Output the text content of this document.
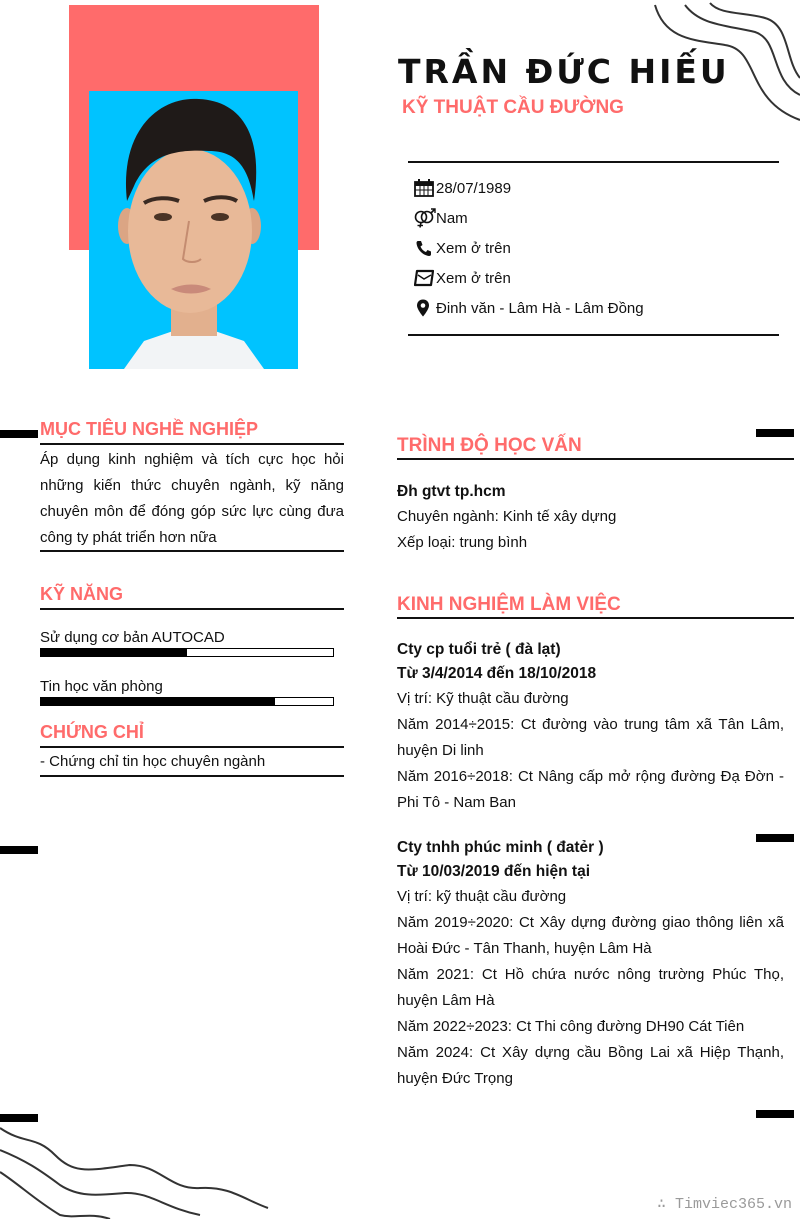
TRẦN ĐỨC HIẾU
KỸ THUẬT CẦU ĐƯỜNG
28/07/1989
Nam
Xem ở trên
Xem ở trên
Đinh văn - Lâm Hà - Lâm Đồng
MỤC TIÊU NGHỀ NGHIỆP
Áp dụng kinh nghiệm và tích cực học hỏi những kiến thức chuyên ngành, kỹ năng chuyên môn để đóng góp sức lực cùng đưa công ty phát triển hơn nữa
KỸ NĂNG
Sử dụng cơ bản AUTOCAD
Tin học văn phòng
CHỨNG CHỈ
- Chứng chỉ tin học chuyên ngành
TRÌNH ĐỘ HỌC VẤN
Đh gtvt tp.hcm
Chuyên ngành: Kinh tế xây dựng
Xếp loại: trung bình
KINH NGHIỆM LÀM VIỆC
Cty cp tuổi trẻ ( đà lạt)
Từ 3/4/2014 đến 18/10/2018
Vị trí: Kỹ thuật cầu đường
Năm 2014÷2015: Ct đường vào trung tâm xã Tân Lâm, huyện Di linh
Năm 2016÷2018: Ct Nâng cấp mở rộng đường Đạ Đờn - Phi Tô - Nam Ban
Cty tnhh phúc minh ( đatẻr )
Từ 10/03/2019 đến hiện tại
Vị trí: kỹ thuật cầu đường
Năm 2019÷2020: Ct Xây dựng đường giao thông liên xã Hoài Đức - Tân Thanh, huyện Lâm Hà
Năm 2021: Ct Hồ chứa nước nông trường Phúc Thọ, huyện Lâm Hà
Năm 2022÷2023: Ct Thi công đường DH90 Cát Tiên
Năm 2024: Ct Xây dựng cầu Bồng Lai xã Hiệp Thạnh, huyện Đức Trọng
∴ Timviec365.vn
